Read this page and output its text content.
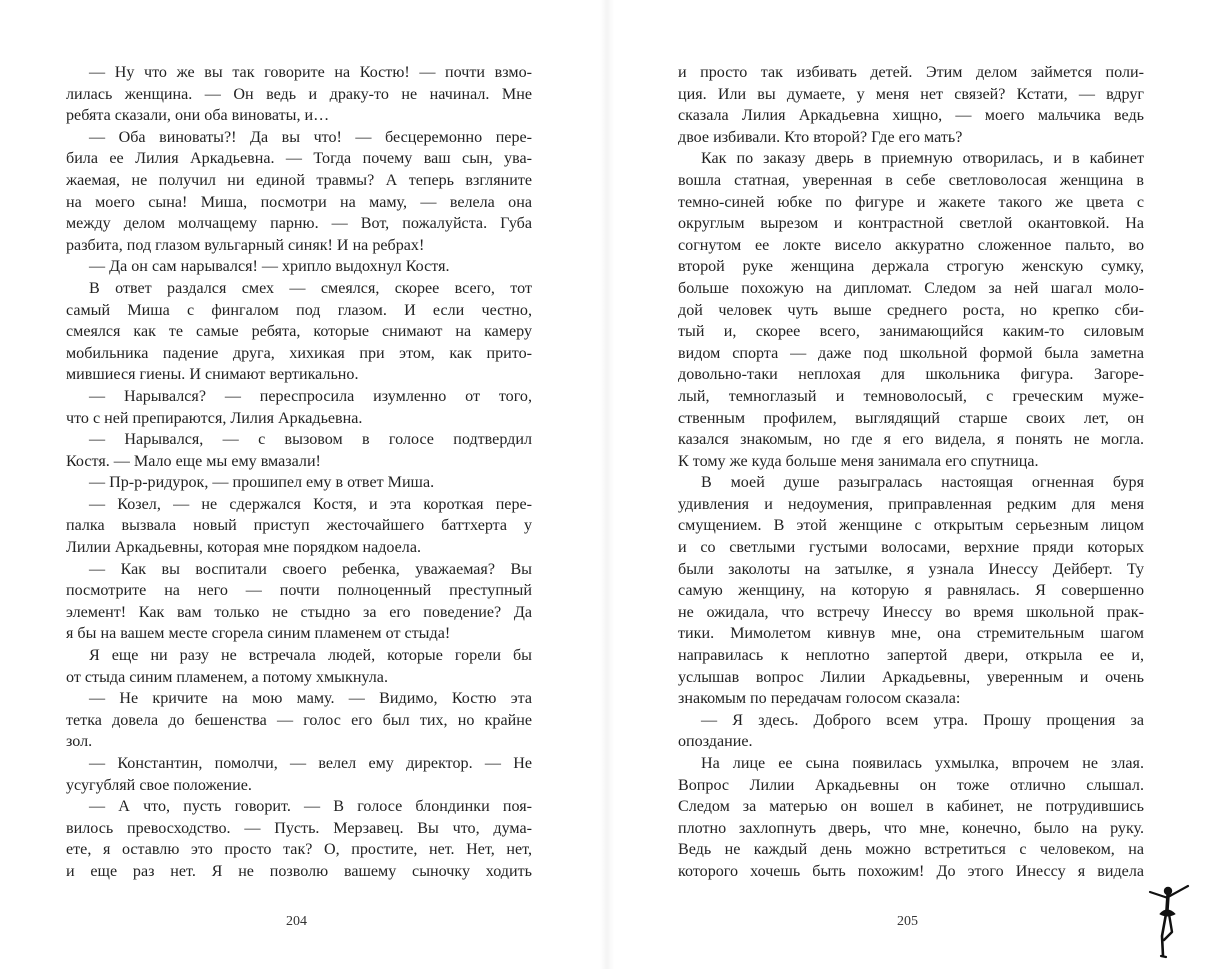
— Ну что же вы так говорите на Костю! — почти взмо-
лилась женщина. — Он ведь и драку-то не начинал. Мне
ребята сказали, они оба виноваты, и…
— Оба виноваты?! Да вы что! — бесцеремонно пере-
била ее Лилия Аркадьевна. — Тогда почему ваш сын, ува-
жаемая, не получил ни единой травмы? А теперь взгляните
на моего сына! Миша, посмотри на маму, — велела она
между делом молчащему парню. — Вот, пожалуйста. Губа
разбита, под глазом вульгарный синяк! И на ребрах!
— Да он сам нарывался! — хрипло выдохнул Костя.
В ответ раздался смех — смеялся, скорее всего, тот
самый Миша с фингалом под глазом. И если честно,
смеялся как те самые ребята, которые снимают на камеру
мобильника падение друга, хихикая при этом, как прито-
мившиеся гиены. И снимают вертикально.
— Нарывался? — переспросила изумленно от того,
что с ней препираются, Лилия Аркадьевна.
— Нарывался, — с вызовом в голосе подтвердил
Костя. — Мало еще мы ему вмазали!
— Пр-р-ридурок, — прошипел ему в ответ Миша.
— Козел, — не сдержался Костя, и эта короткая пере-
палка вызвала новый приступ жесточайшего баттхерта у
Лилии Аркадьевны, которая мне порядком надоела.
— Как вы воспитали своего ребенка, уважаемая? Вы
посмотрите на него — почти полноценный преступный
элемент! Как вам только не стыдно за его поведение? Да
я бы на вашем месте сгорела синим пламенем от стыда!
Я еще ни разу не встречала людей, которые горели бы
от стыда синим пламенем, а потому хмыкнула.
— Не кричите на мою маму. — Видимо, Костю эта
тетка довела до бешенства — голос его был тих, но крайне
зол.
— Константин, помолчи, — велел ему директор. — Не
усугубляй свое положение.
— А что, пусть говорит. — В голосе блондинки поя-
вилось превосходство. — Пусть. Мерзавец. Вы что, дума-
ете, я оставлю это просто так? О, простите, нет. Нет, нет,
и еще раз нет. Я не позволю вашему сыночку ходить
204
и просто так избивать детей. Этим делом займется поли-
ция. Или вы думаете, у меня нет связей? Кстати, — вдруг
сказала Лилия Аркадьевна хищно, — моего мальчика ведь
двое избивали. Кто второй? Где его мать?
Как по заказу дверь в приемную отворилась, и в кабинет
вошла статная, уверенная в себе светловолосая женщина в
темно-синей юбке по фигуре и жакете такого же цвета с
округлым вырезом и контрастной светлой окантовкой. На
согнутом ее локте висело аккуратно сложенное пальто, во
второй руке женщина держала строгую женскую сумку,
больше похожую на дипломат. Следом за ней шагал моло-
дой человек чуть выше среднего роста, но крепко сби-
тый и, скорее всего, занимающийся каким-то силовым
видом спорта — даже под школьной формой была заметна
довольно-таки неплохая для школьника фигура. Загоре-
лый, темноглазый и темноволосый, с греческим муже-
ственным профилем, выглядящий старше своих лет, он
казался знакомым, но где я его видела, я понять не могла.
К тому же куда больше меня занимала его спутница.
В моей душе разыгралась настоящая огненная буря
удивления и недоумения, приправленная редким для меня
смущением. В этой женщине с открытым серьезным лицом
и со светлыми густыми волосами, верхние пряди которых
были заколоты на затылке, я узнала Инессу Дейберт. Ту
самую женщину, на которую я равнялась. Я совершенно
не ожидала, что встречу Инессу во время школьной прак-
тики. Мимолетом кивнув мне, она стремительным шагом
направилась к неплотно запертой двери, открыла ее и,
услышав вопрос Лилии Аркадьевны, уверенным и очень
знакомым по передачам голосом сказала:
— Я здесь. Доброго всем утра. Прошу прощения за
опоздание.
На лице ее сына появилась ухмылка, впрочем не злая.
Вопрос Лилии Аркадьевны он тоже отлично слышал.
Следом за матерью он вошел в кабинет, не потрудившись
плотно захлопнуть дверь, что мне, конечно, было на руку.
Ведь не каждый день можно встретиться с человеком, на
которого хочешь быть похожим! До этого Инессу я видела
205
